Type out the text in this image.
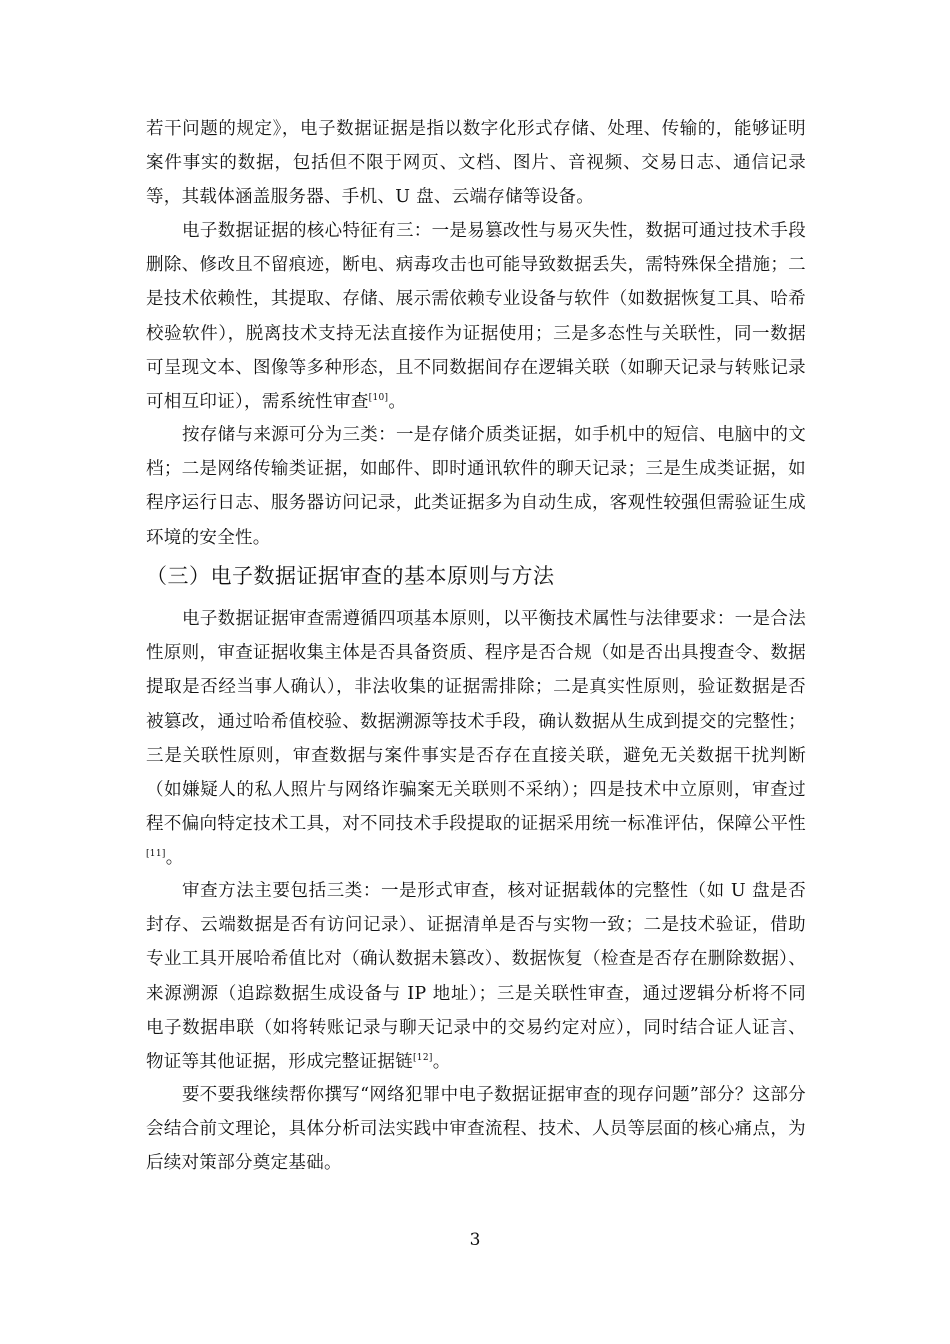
若干问题的规定》，电子数据证据是指以数字化形式存储、处理、传输的，能够证明案件事实的数据，包括但不限于网页、文档、图片、音视频、交易日志、通信记录等，其载体涵盖服务器、手机、U 盘、云端存储等设备。

电子数据证据的核心特征有三：一是易篡改性与易灭失性，数据可通过技术手段删除、修改且不留痕迹，断电、病毒攻击也可能导致数据丢失，需特殊保全措施；二是技术依赖性，其提取、存储、展示需依赖专业设备与软件（如数据恢复工具、哈希校验软件），脱离技术支持无法直接作为证据使用；三是多态性与关联性，同一数据可呈现文本、图像等多种形态，且不同数据间存在逻辑关联（如聊天记录与转账记录可相互印证），需系统性审查[10]。

按存储与来源可分为三类：一是存储介质类证据，如手机中的短信、电脑中的文档；二是网络传输类证据，如邮件、即时通讯软件的聊天记录；三是生成类证据，如程序运行日志、服务器访问记录，此类证据多为自动生成，客观性较强但需验证生成环境的安全性。

（三）电子数据证据审查的基本原则与方法

电子数据证据审查需遵循四项基本原则，以平衡技术属性与法律要求：一是合法性原则，审查证据收集主体是否具备资质、程序是否合规（如是否出具搜查令、数据提取是否经当事人确认），非法收集的证据需排除；二是真实性原则，验证数据是否被篡改，通过哈希值校验、数据溯源等技术手段，确认数据从生成到提交的完整性；三是关联性原则，审查数据与案件事实是否存在直接关联，避免无关数据干扰判断（如嫌疑人的私人照片与网络诈骗案无关联则不采纳）；四是技术中立原则，审查过程不偏向特定技术工具，对不同技术手段提取的证据采用统一标准评估，保障公平性[11]。

审查方法主要包括三类：一是形式审查，核对证据载体的完整性（如 U 盘是否封存、云端数据是否有访问记录）、证据清单是否与实物一致；二是技术验证，借助专业工具开展哈希值比对（确认数据未篡改）、数据恢复（检查是否存在删除数据）、来源溯源（追踪数据生成设备与 IP 地址）；三是关联性审查，通过逻辑分析将不同电子数据串联（如将转账记录与聊天记录中的交易约定对应），同时结合证人证言、物证等其他证据，形成完整证据链[12]。

要不要我继续帮你撰写“网络犯罪中电子数据证据审查的现存问题”部分？这部分会结合前文理论，具体分析司法实践中审查流程、技术、人员等层面的核心痛点，为后续对策部分奠定基础。

3
